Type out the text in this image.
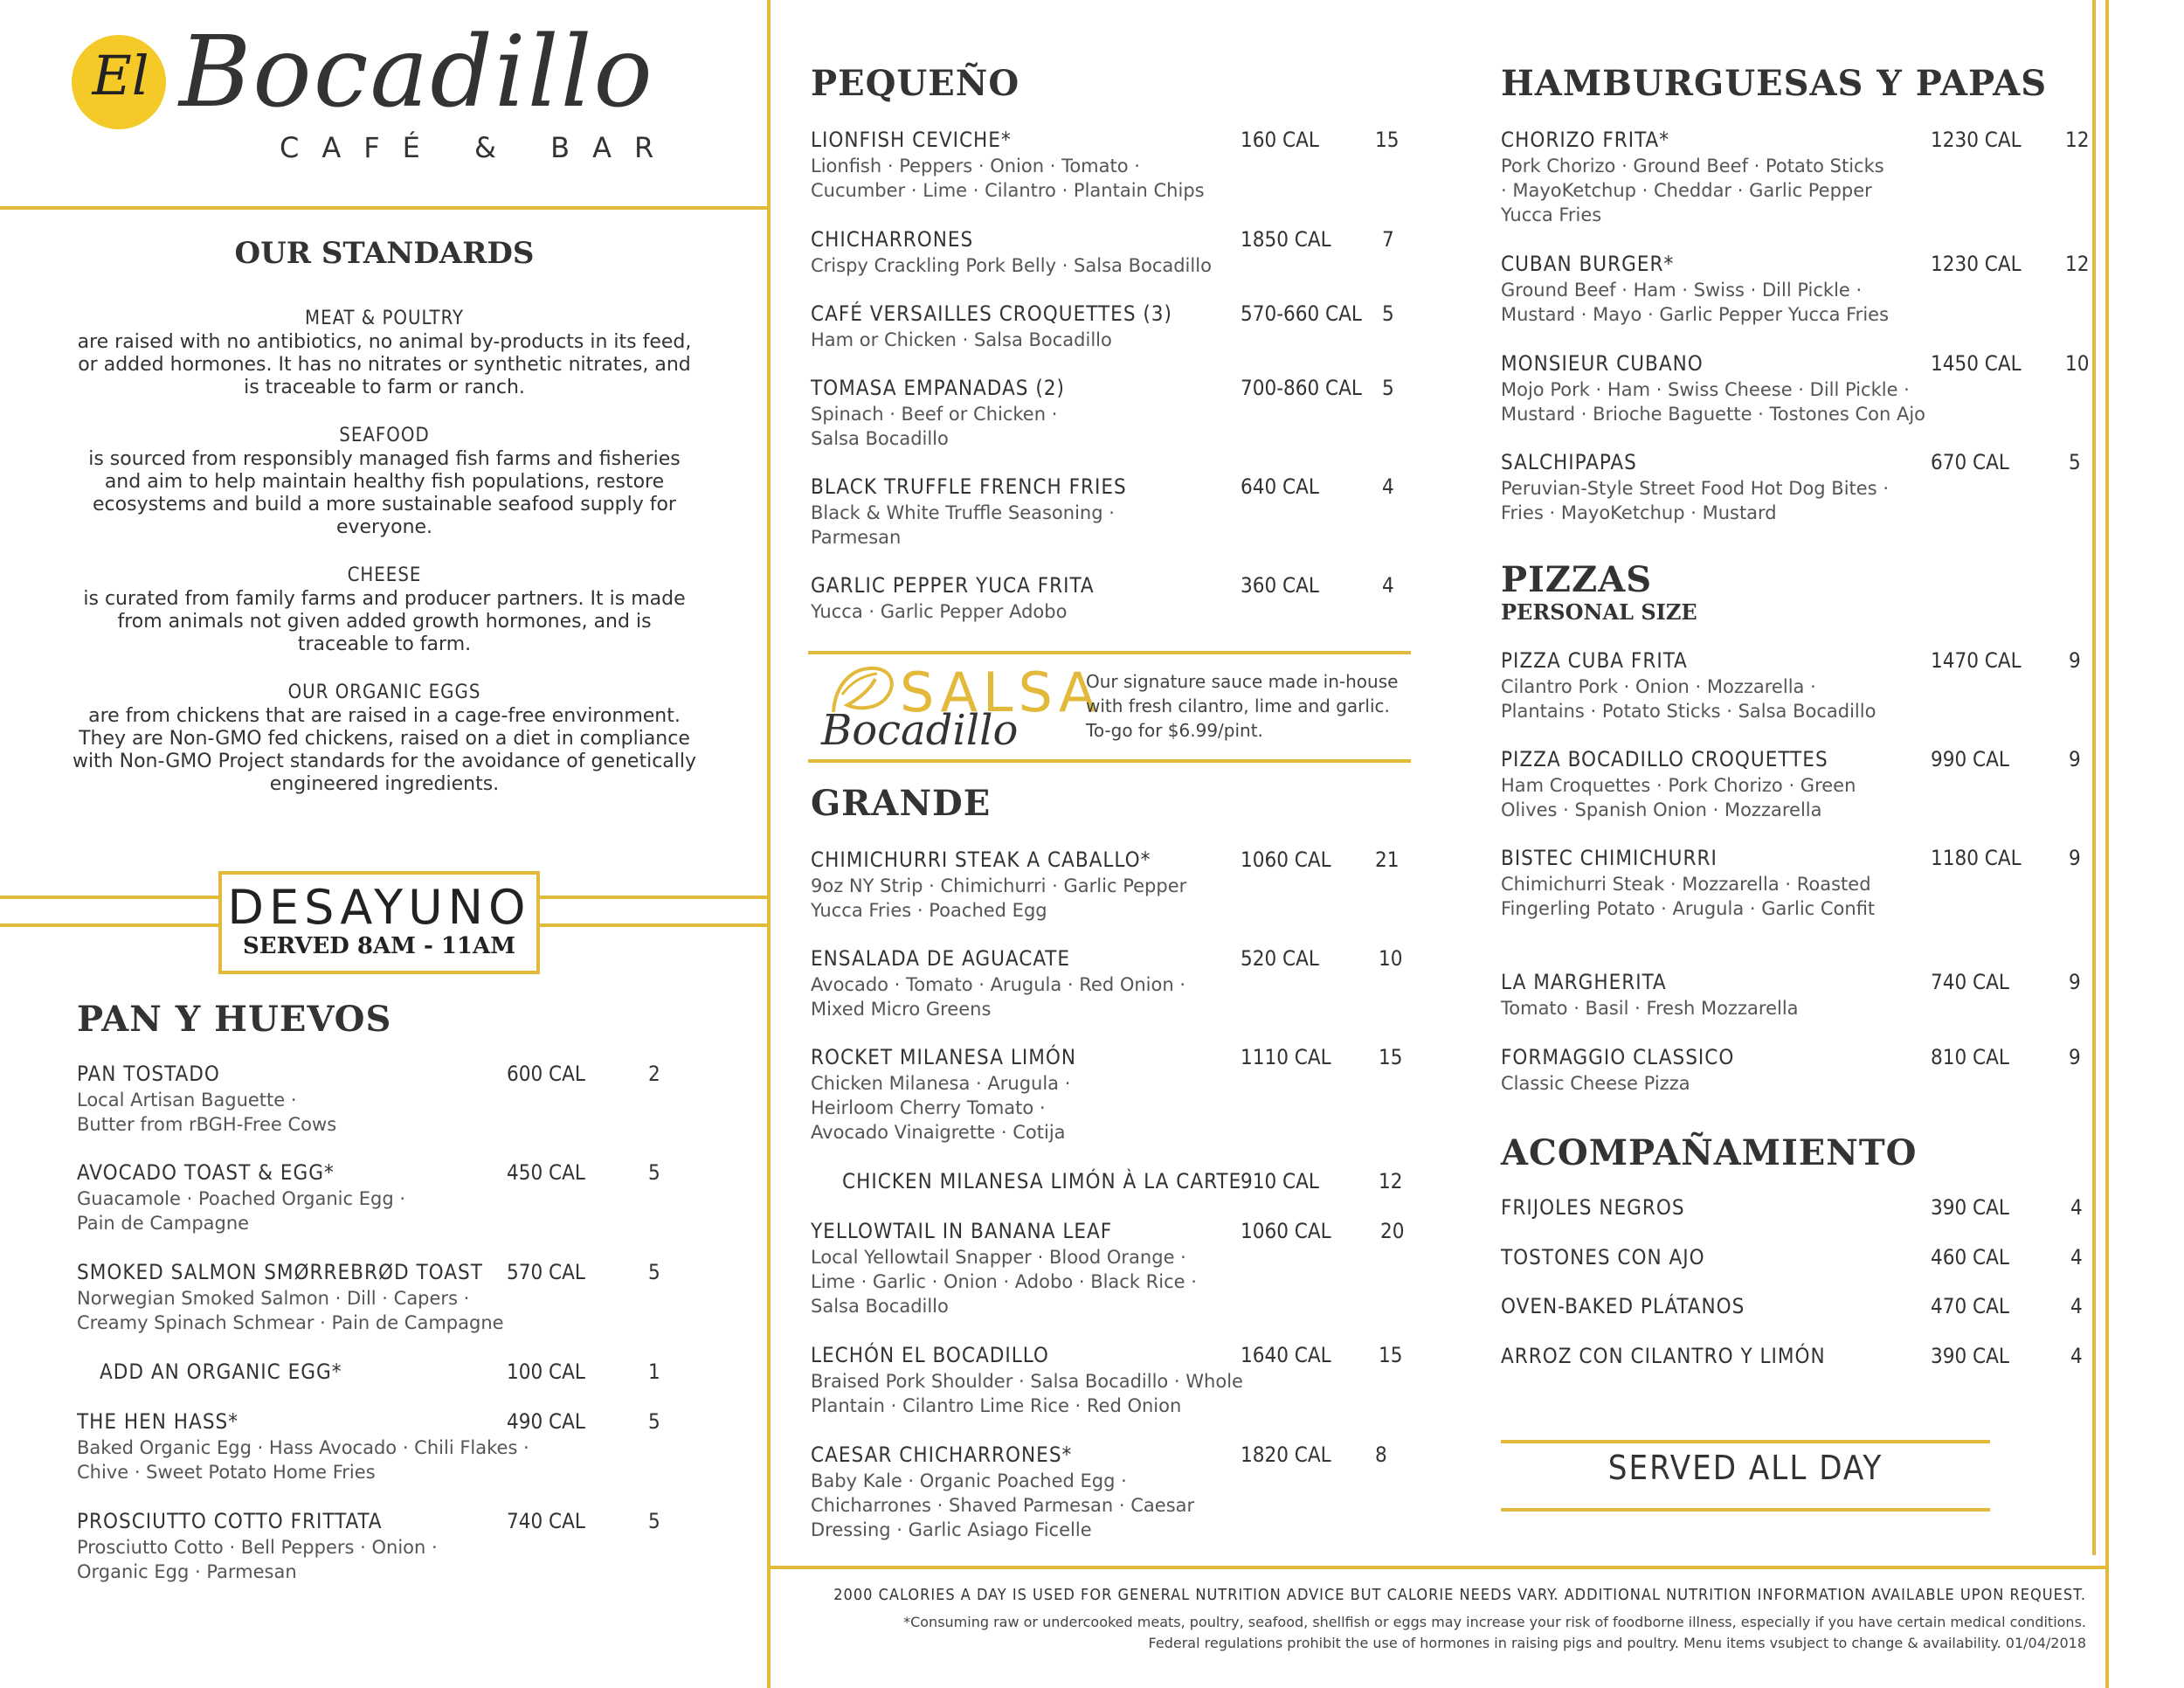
El Bocadillo
CAFÉ & BAR
OUR STANDARDS
MEAT & POULTRY
are raised with no antibiotics, no animal by-products in its feed, or added hormones. It has no nitrates or synthetic nitrates, and is traceable to farm or ranch.
SEAFOOD
is sourced from responsibly managed fish farms and fisheries and aim to help maintain healthy fish populations, restore ecosystems and build a more sustainable seafood supply for everyone.
CHEESE
is curated from family farms and producer partners. It is made from animals not given added growth hormones, and is traceable to farm.
OUR ORGANIC EGGS
are from chickens that are raised in a cage-free environment. They are Non-GMO fed chickens, raised on a diet in compliance with Non-GMO Project standards for the avoidance of genetically engineered ingredients.
DESAYUNO
SERVED 8AM - 11AM
PAN Y HUEVOS
PAN TOSTADO
Local Artisan Baguette · Butter from rBGH-Free Cows
600 CAL	2
AVOCADO TOAST & EGG*
Guacamole · Poached Organic Egg · Pain de Campagne
450 CAL	5
SMOKED SALMON SMØRREBRØD TOAST
Norwegian Smoked Salmon · Dill · Capers · Creamy Spinach Schmear · Pain de Campagne
570 CAL	5
ADD AN ORGANIC EGG*	100 CAL	1
THE HEN HASS*
Baked Organic Egg · Hass Avocado · Chili Flakes · Chive · Sweet Potato Home Fries
490 CAL	5
PROSCIUTTO COTTO FRITTATA
Prosciutto Cotto · Bell Peppers · Onion · Organic Egg · Parmesan
740 CAL	5
PEQUEÑO
LIONFISH CEVICHE*
Lionfish · Peppers · Onion · Tomato · Cucumber · Lime · Cilantro · Plantain Chips
160 CAL	15
CHICHARRONES
Crispy Crackling Pork Belly · Salsa Bocadillo
1850 CAL 7
CAFÉ VERSAILLES CROQUETTES (3)
Ham or Chicken · Salsa Bocadillo
570-660 CAL 5
TOMASA EMPANADAS (2)
Spinach · Beef or Chicken · Salsa Bocadillo
700-860 CAL 5
BLACK TRUFFLE FRENCH FRIES
Black & White Truffle Seasoning · Parmesan
640 CAL	4
GARLIC PEPPER YUCA FRITA
Yucca · Garlic Pepper Adobo
360 CAL	4
SALSA
Bocadillo
Our signature sauce made in-house with fresh cilantro, lime and garlic. To-go for $6.99/pint.
GRANDE
CHIMICHURRI STEAK A CABALLO*
9oz NY Strip · Chimichurri · Garlic Pepper Yucca Fries · Poached Egg
1060 CAL 21
ENSALADA DE AGUACATE
Avocado · Tomato · Arugula · Red Onion · Mixed Micro Greens
520 CAL	10
ROCKET MILANESA LIMÓN
Chicken Milanesa · Arugula · Heirloom Cherry Tomato · Avocado Vinaigrette · Cotija
1110 CAL 15
CHICKEN MILANESA LIMÓN À LA CARTE
910 CAL	12
YELLOWTAIL IN BANANA LEAF
Local Yellowtail Snapper · Blood Orange · Lime · Garlic · Onion · Adobo · Black Rice · Salsa Bocadillo
1060 CAL 20
LECHÓN EL BOCADILLO
Braised Pork Shoulder · Salsa Bocadillo · Whole Plantain · Cilantro Lime Rice · Red Onion
1640 CAL 15
CAESAR CHICHARRONES*
Baby Kale · Organic Poached Egg · Chicharrones · Shaved Parmesan · Caesar Dressing · Garlic Asiago Ficelle
1820 CAL 8
HAMBURGUESAS Y PAPAS
CHORIZO FRITA*
Pork Chorizo · Ground Beef · Potato Sticks · MayoKetchup · Cheddar · Garlic Pepper Yucca Fries
1230 CAL 12
CUBAN BURGER*
Ground Beef · Ham · Swiss · Dill Pickle · Mustard · Mayo · Garlic Pepper Yucca Fries
1230 CAL 12
MONSIEUR CUBANO
Mojo Pork · Ham · Swiss Cheese · Dill Pickle · Mustard · Brioche Baguette · Tostones Con Ajo
1450 CAL 10
SALCHIPAPAS
Peruvian-Style Street Food Hot Dog Bites · Fries · MayoKetchup · Mustard
670 CAL	5
PIZZAS
PERSONAL SIZE
PIZZA CUBA FRITA
Cilantro Pork · Onion · Mozzarella · Plantains · Potato Sticks · Salsa Bocadillo
1470 CAL 9
PIZZA BOCADILLO CROQUETTES
Ham Croquettes · Pork Chorizo · Green Olives · Spanish Onion · Mozzarella
990 CAL	9
BISTEC CHIMICHURRI
Chimichurri Steak · Mozzarella · Roasted Fingerling Potato · Arugula · Garlic Confit
1180 CAL 9
LA MARGHERITA
Tomato · Basil · Fresh Mozzarella
740 CAL	9
FORMAGGIO CLASSICO
Classic Cheese Pizza
810 CAL	9
ACOMPAÑAMIENTO
FRIJOLES NEGROS	390 CAL	4
TOSTONES CON AJO	460 CAL	4
OVEN-BAKED PLÁTANOS	470 CAL	4
ARROZ CON CILANTRO Y LIMÓN	390 CAL	4
SERVED ALL DAY
2000 CALORIES A DAY IS USED FOR GENERAL NUTRITION ADVICE BUT CALORIE NEEDS VARY. ADDITIONAL NUTRITION INFORMATION AVAILABLE UPON REQUEST.
*Consuming raw or undercooked meats, poultry, seafood, shellfish or eggs may increase your risk of foodborne illness, especially if you have certain medical conditions. Federal regulations prohibit the use of hormones in raising pigs and poultry. Menu items vsubject to change & availability. 01/04/2018
